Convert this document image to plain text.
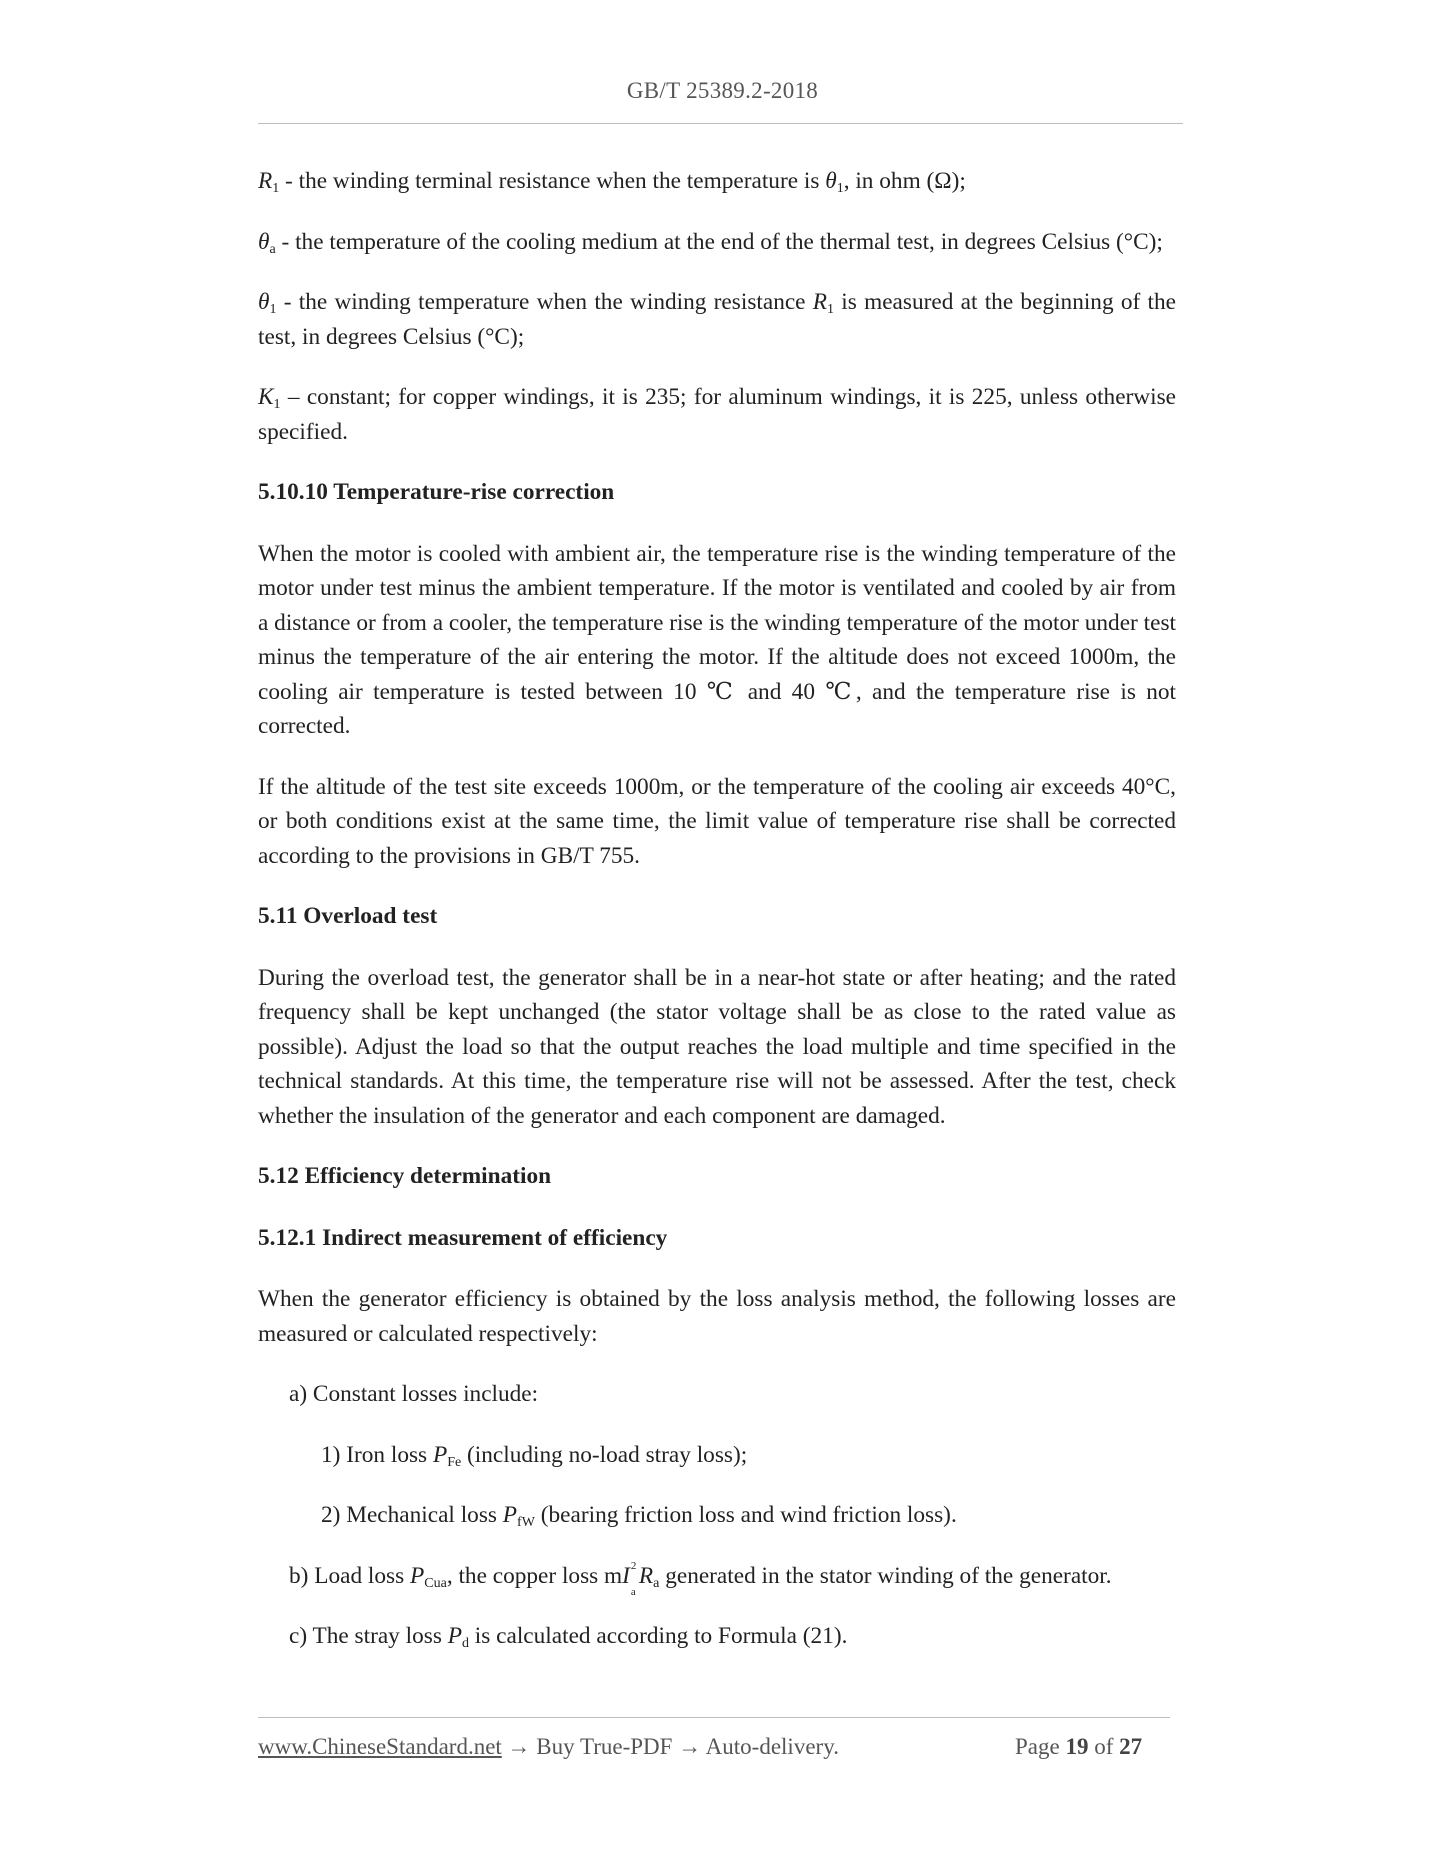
GB/T 25389.2-2018

$R_1$ - the winding terminal resistance when the temperature is $\theta_1$, in ohm (Ω);

$\theta_a$ - the temperature of the cooling medium at the end of the thermal test, in degrees Celsius (°C);

$\theta_1$ - the winding temperature when the winding resistance $R_1$ is measured at the beginning of the test, in degrees Celsius (°C);

$K_1$ – constant; for copper windings, it is 235; for aluminum windings, it is 225, unless otherwise specified.

5.10.10 Temperature-rise correction

When the motor is cooled with ambient air, the temperature rise is the winding temperature of the motor under test minus the ambient temperature. If the motor is ventilated and cooled by air from a distance or from a cooler, the temperature rise is the winding temperature of the motor under test minus the temperature of the air entering the motor. If the altitude does not exceed 1000m, the cooling air temperature is tested between 10 ℃ and 40 ℃, and the temperature rise is not corrected.

If the altitude of the test site exceeds 1000m, or the temperature of the cooling air exceeds 40°C, or both conditions exist at the same time, the limit value of temperature rise shall be corrected according to the provisions in GB/T 755.

5.11 Overload test

During the overload test, the generator shall be in a near-hot state or after heating; and the rated frequency shall be kept unchanged (the stator voltage shall be as close to the rated value as possible). Adjust the load so that the output reaches the load multiple and time specified in the technical standards. At this time, the temperature rise will not be assessed. After the test, check whether the insulation of the generator and each component are damaged.

5.12 Efficiency determination

5.12.1 Indirect measurement of efficiency

When the generator efficiency is obtained by the loss analysis method, the following losses are measured or calculated respectively:

a) Constant losses include:

1) Iron loss $P_{Fe}$ (including no-load stray loss);

2) Mechanical loss $P_{fW}$ (bearing friction loss and wind friction loss).

b) Load loss $P_{Cua}$, the copper loss mI 2
a
$R_a$ generated in the stator winding of the generator.

c) The stray loss $P_d$ is calculated according to Formula (21).

www.ChineseStandard.net → Buy True-PDF → Auto-delivery.	Page 19 of 27
